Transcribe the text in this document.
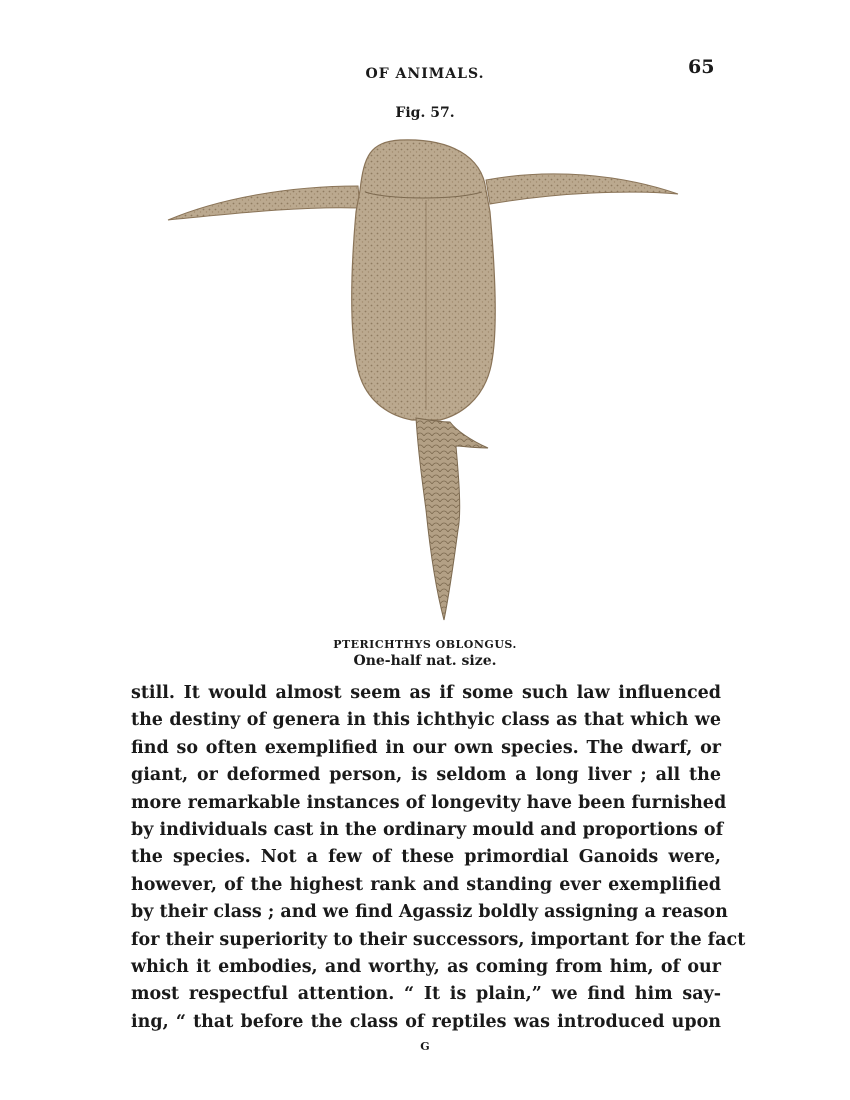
OF ANIMALS.	65
Fig. 57.
PTERICHTHYS OBLONGUS.
One-half nat. size.
still. It would almost seem as if some such law influenced
the destiny of genera in this ichthyic class as that which we
find so often exemplified in our own species. The dwarf, or
giant, or deformed person, is seldom a long liver ; all the
more remarkable instances of longevity have been furnished
by individuals cast in the ordinary mould and proportions of
the species. Not a few of these primordial Ganoids were,
however, of the highest rank and standing ever exemplified
by their class ; and we find Agassiz boldly assigning a reason
for their superiority to their successors, important for the fact
which it embodies, and worthy, as coming from him, of our
most respectful attention. “ It is plain,” we find him say-
ing, “ that before the class of reptiles was introduced upon
G
